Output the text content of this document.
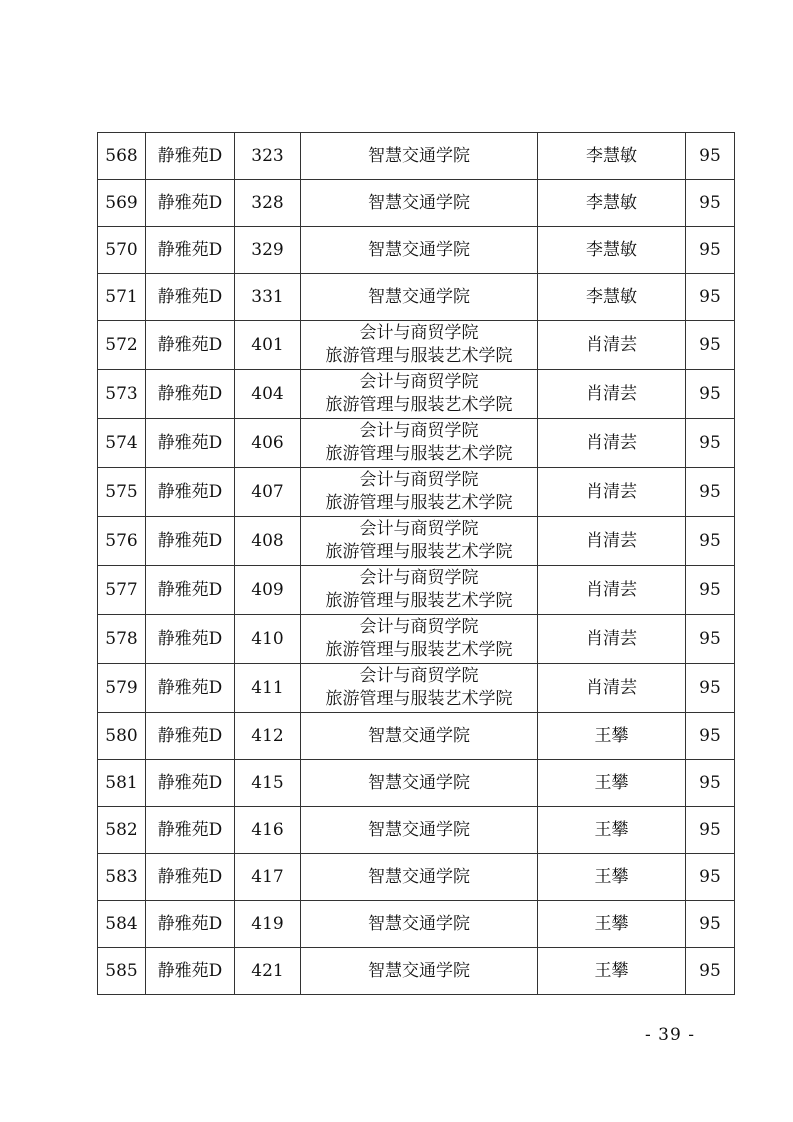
568	静雅苑D	323	智慧交通学院	李慧敏	95
569	静雅苑D	328	智慧交通学院	李慧敏	95
570	静雅苑D	329	智慧交通学院	李慧敏	95
571	静雅苑D	331	智慧交通学院	李慧敏	95
572	静雅苑D	401	会计与商贸学院
旅游管理与服装艺术学院	肖清芸	95
573	静雅苑D	404	会计与商贸学院
旅游管理与服装艺术学院	肖清芸	95
574	静雅苑D	406	会计与商贸学院
旅游管理与服装艺术学院	肖清芸	95
575	静雅苑D	407	会计与商贸学院
旅游管理与服装艺术学院	肖清芸	95
576	静雅苑D	408	会计与商贸学院
旅游管理与服装艺术学院	肖清芸	95
577	静雅苑D	409	会计与商贸学院
旅游管理与服装艺术学院	肖清芸	95
578	静雅苑D	410	会计与商贸学院
旅游管理与服装艺术学院	肖清芸	95
579	静雅苑D	411	会计与商贸学院
旅游管理与服装艺术学院	肖清芸	95
580	静雅苑D	412	智慧交通学院	王攀	95
581	静雅苑D	415	智慧交通学院	王攀	95
582	静雅苑D	416	智慧交通学院	王攀	95
583	静雅苑D	417	智慧交通学院	王攀	95
584	静雅苑D	419	智慧交通学院	王攀	95
585	静雅苑D	421	智慧交通学院	王攀	95
- 39 -
